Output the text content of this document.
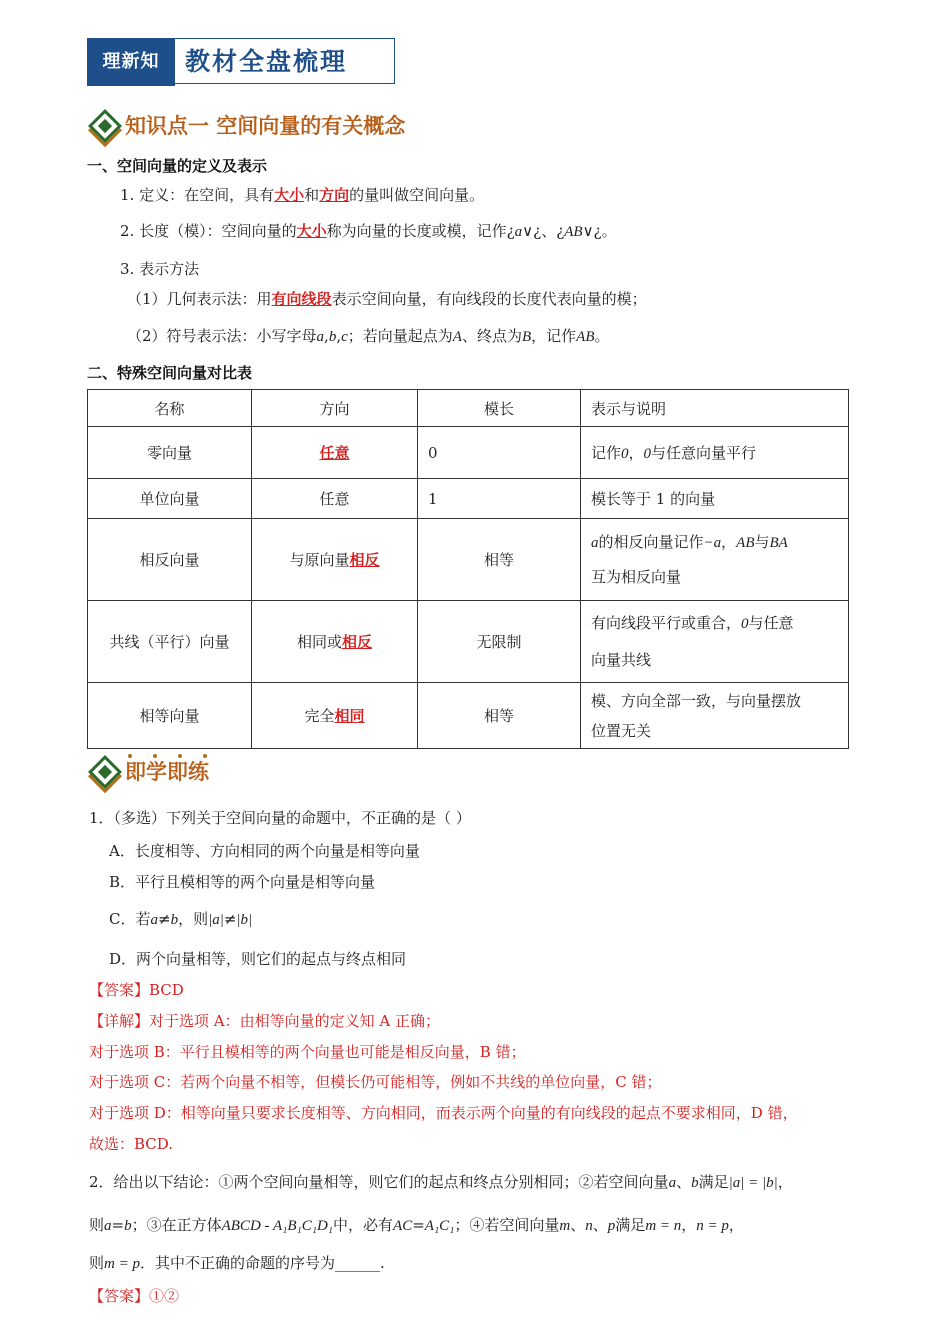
理新知	教材全盘梳理
知识点一 空间向量的有关概念
一、空间向量的定义及表示
1. 定义：在空间，具有大小和方向的量叫做空间向量。
2. 长度（模）：空间向量的大小称为向量的长度或模，记作¿a∨¿、¿AB∨¿。
3. 表示方法
（1）几何表示法：用有向线段表示空间向量，有向线段的长度代表向量的模；
（2）符号表示法：小写字母a,b,c；若向量起点为A、终点为B，记作AB。
二、特殊空间向量对比表
名称	方向	模长	表示与说明
零向量	任意	0	记作0，0与任意向量平行
单位向量	任意	1	模长等于 1 的向量
相反向量	与原向量相反	相等	a的相反向量记作−a，AB与BA
互为相反向量
共线（平行）向量	相同或相反	无限制	有向线段平行或重合，0与任意
向量共线
相等向量	完全相同	相等	模、方向全部一致，与向量摆放
位置无关
即学即练
1．（多选）下列关于空间向量的命题中，不正确的是（ ）
A．长度相等、方向相同的两个向量是相等向量
B．平行且模相等的两个向量是相等向量
C．若a≠b，则|a|≠|b|
D．两个向量相等，则它们的起点与终点相同
【答案】BCD
【详解】对于选项 A：由相等向量的定义知 A 正确；
对于选项 B：平行且模相等的两个向量也可能是相反向量，B 错；
对于选项 C：若两个向量不相等，但模长仍可能相等，例如不共线的单位向量，C 错；
对于选项 D：相等向量只要求长度相等、方向相同，而表示两个向量的有向线段的起点不要求相同，D 错，
故选：BCD.
2．给出以下结论：①两个空间向量相等，则它们的起点和终点分别相同；②若空间向量a、b满足|a| = |b|，
则a=b；③在正方体ABCD - A₁B₁C₁D₁中，必有AC=A₁C₁；④若空间向量m、n、p满足m = n，n = p，
则m = p．其中不正确的命题的序号为______.
【答案】①②
